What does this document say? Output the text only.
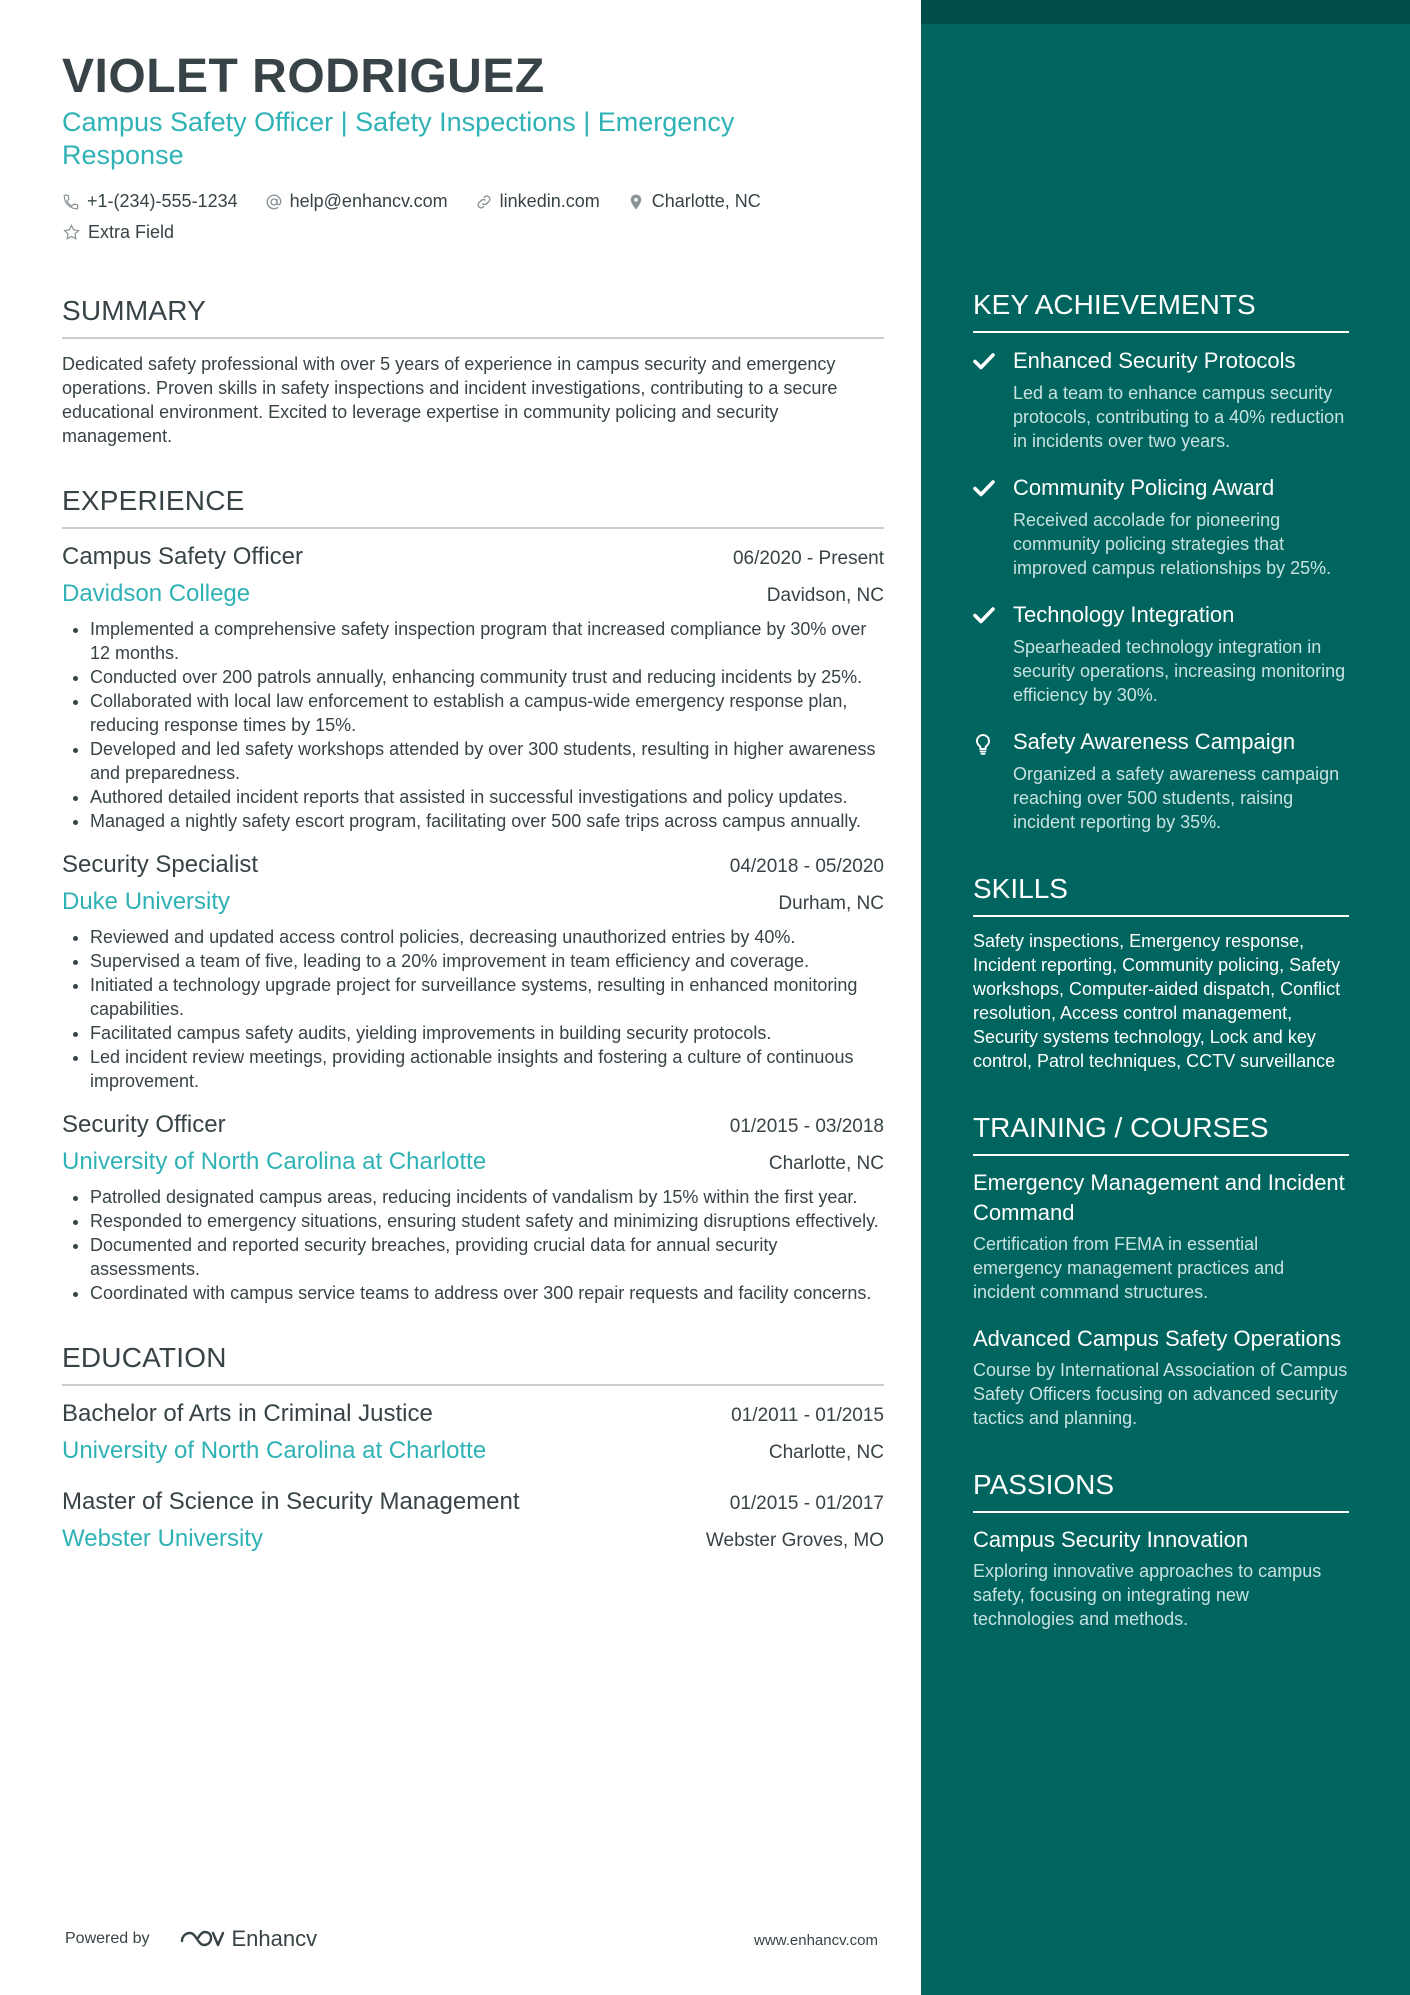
VIOLET RODRIGUEZ
Campus Safety Officer | Safety Inspections | Emergency Response
+1-(234)-555-1234
	help@enhancv.com
	linkedin.com
	Charlotte, NC

Extra Field
SUMMARY
Dedicated safety professional with over 5 years of experience in campus security and emergency operations. Proven skills in safety inspections and incident investigations, contributing to a secure educational environment. Excited to leverage expertise in community policing and security management.
EXPERIENCE
Campus Safety Officer	06/2020 - Present
Davidson College	Davidson, NC
• Implemented a comprehensive safety inspection program that increased compliance by 30% over 12 months.
• Conducted over 200 patrols annually, enhancing community trust and reducing incidents by 25%.
• Collaborated with local law enforcement to establish a campus-wide emergency response plan, reducing response times by 15%.
• Developed and led safety workshops attended by over 300 students, resulting in higher awareness and preparedness.
• Authored detailed incident reports that assisted in successful investigations and policy updates.
• Managed a nightly safety escort program, facilitating over 500 safe trips across campus annually.
Security Specialist	04/2018 - 05/2020
Duke University	Durham, NC
• Reviewed and updated access control policies, decreasing unauthorized entries by 40%.
• Supervised a team of five, leading to a 20% improvement in team efficiency and coverage.
• Initiated a technology upgrade project for surveillance systems, resulting in enhanced monitoring capabilities.
• Facilitated campus safety audits, yielding improvements in building security protocols.
• Led incident review meetings, providing actionable insights and fostering a culture of continuous improvement.
Security Officer	01/2015 - 03/2018
University of North Carolina at Charlotte	Charlotte, NC
• Patrolled designated campus areas, reducing incidents of vandalism by 15% within the first year.
• Responded to emergency situations, ensuring student safety and minimizing disruptions effectively.
• Documented and reported security breaches, providing crucial data for annual security assessments.
• Coordinated with campus service teams to address over 300 repair requests and facility concerns.
EDUCATION
Bachelor of Arts in Criminal Justice	01/2011 - 01/2015
University of North Carolina at Charlotte	Charlotte, NC
Master of Science in Security Management	01/2015 - 01/2017
Webster University	Webster Groves, MO
KEY ACHIEVEMENTS
Enhanced Security Protocols
Led a team to enhance campus security protocols, contributing to a 40% reduction in incidents over two years.
Community Policing Award
Received accolade for pioneering community policing strategies that improved campus relationships by 25%.
Technology Integration
Spearheaded technology integration in security operations, increasing monitoring efficiency by 30%.
Safety Awareness Campaign
Organized a safety awareness campaign reaching over 500 students, raising incident reporting by 35%.
SKILLS
Safety inspections, Emergency response, Incident reporting, Community policing, Safety workshops, Computer-aided dispatch, Conflict resolution, Access control management, Security systems technology, Lock and key control, Patrol techniques, CCTV surveillance
TRAINING / COURSES
Emergency Management and Incident Command
Certification from FEMA in essential emergency management practices and incident command structures.
Advanced Campus Safety Operations
Course by International Association of Campus Safety Officers focusing on advanced security tactics and planning.
PASSIONS
Campus Security Innovation
Exploring innovative approaches to campus safety, focusing on integrating new technologies and methods.
Powered by	Enhancv	www.enhancv.com
